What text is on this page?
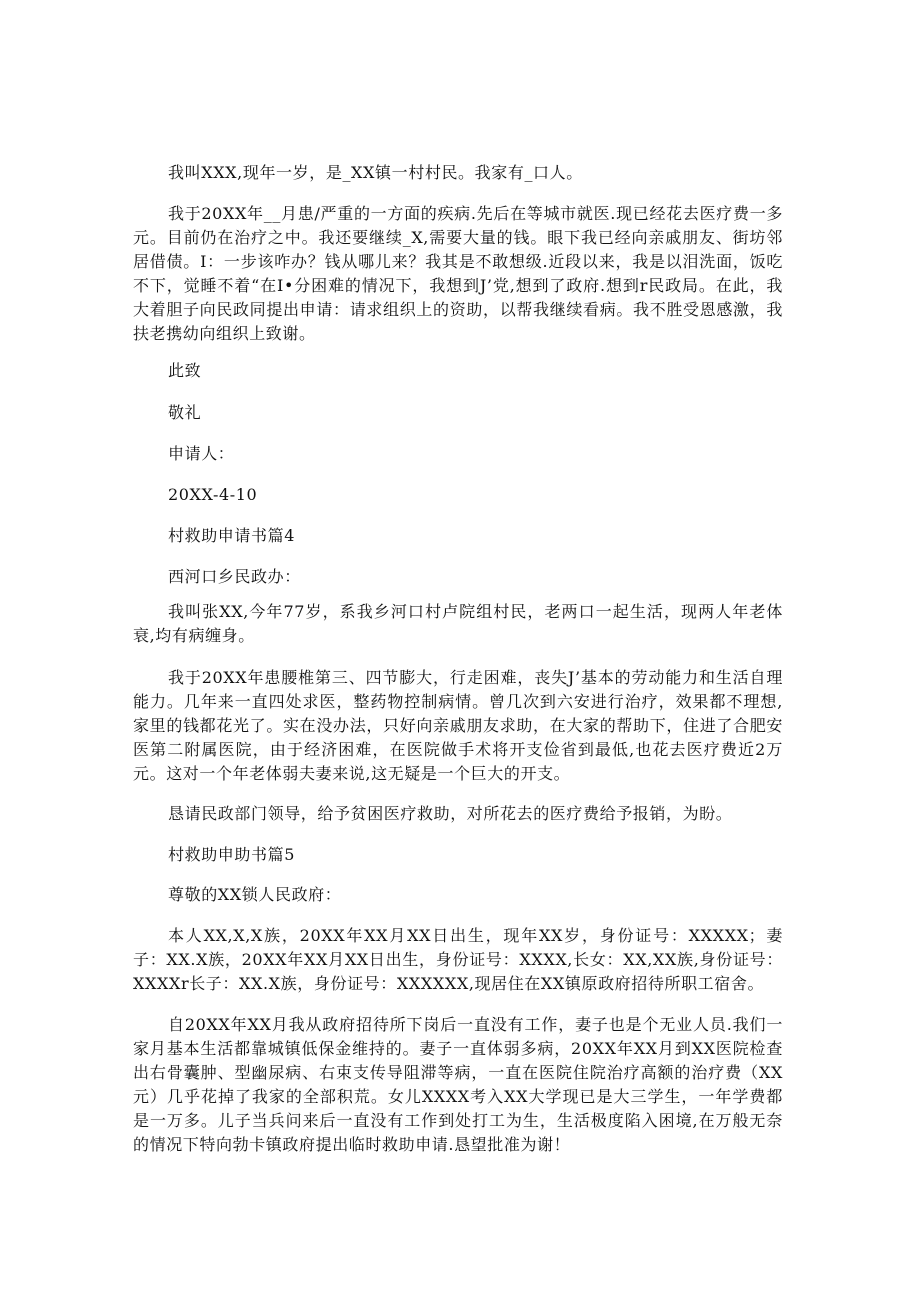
我叫XXX,现年一岁，是_XX镇一村村民。我家有_口人。

我于20XX年__月患/严重的一方面的疾病.先后在等城市就医.现已经花去医疗费一多元。目前仍在治疗之中。我还要继续_X,需要大量的钱。眼下我已经向亲戚朋友、街坊邻居借债。I：一步该咋办？钱从哪儿来？我其是不敢想级.近段以来，我是以泪洗面，饭吃不下，觉睡不着“在I•分困难的情况下，我想到J’党,想到了政府.想到r民政局。在此，我大着胆子向民政同提出申请：请求组织上的资助，以帮我继续看病。我不胜受恩感激，我扶老携幼向组织上致谢。

此致

敬礼

申请人：

20XX-4-10

村救助申请书篇4

西河口乡民政办：

我叫张XX,今年77岁，系我乡河口村卢院组村民，老两口一起生活，现两人年老体衰,均有病缠身。

我于20XX年患腰椎第三、四节膨大，行走困难，丧失J’基本的劳动能力和生活自理能力。几年来一直四处求医，整药物控制病情。曾几次到六安进行治疗，效果都不理想,家里的钱都花光了。实在没办法，只好向亲戚朋友求助，在大家的帮助下，住进了合肥安医第二附属医院，由于经济困难，在医院做手术将开支俭省到最低,也花去医疗费近2万元。这对一个年老体弱夫妻来说,这无疑是一个巨大的开支。

恳请民政部门领导，给予贫困医疗救助，对所花去的医疗费给予报销，为盼。

村救助申助书篇5

尊敬的XX锁人民政府：

本人XX,X,X族，20XX年XX月XX日出生，现年XX岁，身份证号：XXXXX；妻子：XX.X族，20XX年XX月XX日出生，身份证号：XXXX,长女：XX,XX族,身份证号：XXXXr长子：XX.X族，身份证号：XXXXXX,现居住在XX镇原政府招待所职工宿舍。

自20XX年XX月我从政府招待所下岗后一直没有工作，妻子也是个无业人员.我们一家月基本生活都靠城镇低保金维持的。妻子一直体弱多病，20XX年XX月到XX医院检查出右骨囊肿、型幽尿病、右束支传导阻滞等病，一直在医院住院治疗高额的治疗费（XX元）几乎花掉了我家的全部积荒。女儿XXXX考入XX大学现已是大三学生，一年学费都是一万多。儿子当兵问来后一直没有工作到处打工为生，生活极度陷入困境,在万般无奈的情况下特向勃卡镇政府提出临时救助申请.恳望批准为谢！
